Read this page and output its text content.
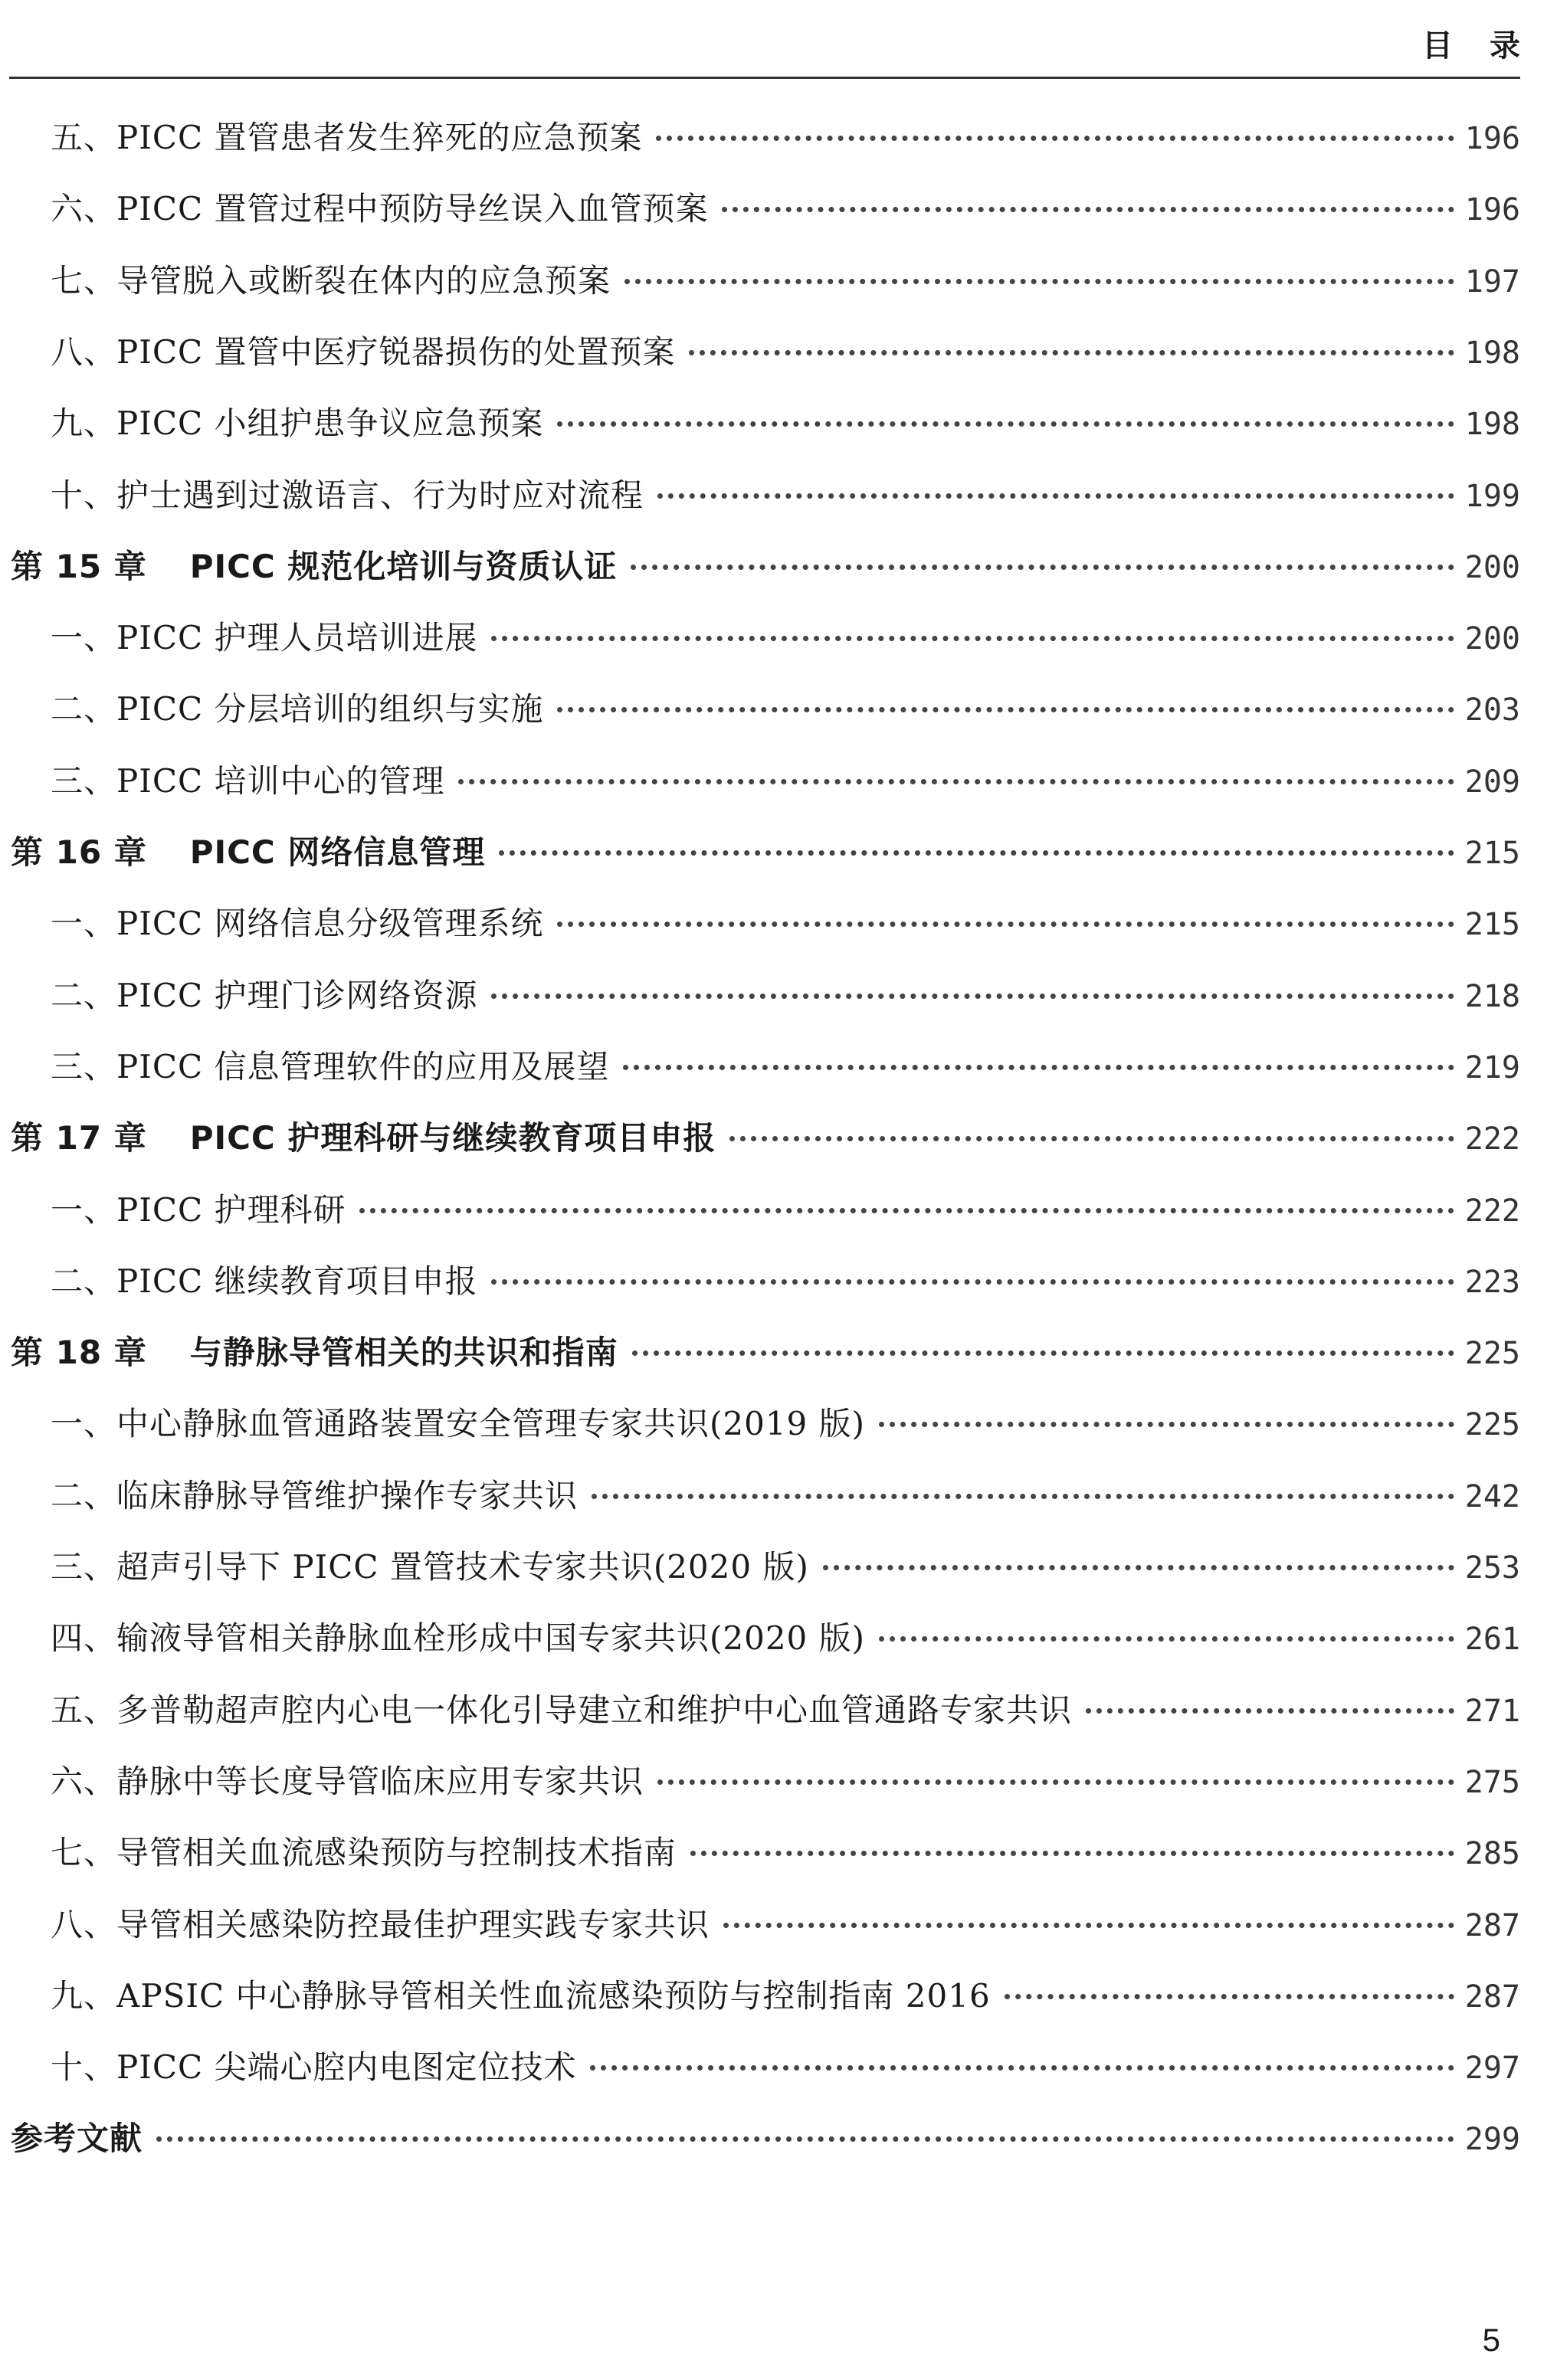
目录
五、PICC 置管患者发生猝死的应急预案	196
六、PICC 置管过程中预防导丝误入血管预案	196
七、导管脱入或断裂在体内的应急预案	197
八、PICC 置管中医疗锐器损伤的处置预案	198
九、PICC 小组护患争议应急预案	198
十、护士遇到过激语言、行为时应对流程	199
第 15 章 PICC 规范化培训与资质认证	200
一、PICC 护理人员培训进展	200
二、PICC 分层培训的组织与实施	203
三、PICC 培训中心的管理	209
第 16 章 PICC 网络信息管理	215
一、PICC 网络信息分级管理系统	215
二、PICC 护理门诊网络资源	218
三、PICC 信息管理软件的应用及展望	219
第 17 章 PICC 护理科研与继续教育项目申报	222
一、PICC 护理科研	222
二、PICC 继续教育项目申报	223
第 18 章 与静脉导管相关的共识和指南	225
一、中心静脉血管通路装置安全管理专家共识(2019 版)	225
二、临床静脉导管维护操作专家共识	242
三、超声引导下 PICC 置管技术专家共识(2020 版)	253
四、输液导管相关静脉血栓形成中国专家共识(2020 版)	261
五、多普勒超声腔内心电一体化引导建立和维护中心血管通路专家共识	271
六、静脉中等长度导管临床应用专家共识	275
七、导管相关血流感染预防与控制技术指南	285
八、导管相关感染防控最佳护理实践专家共识	287
九、APSIC 中心静脉导管相关性血流感染预防与控制指南 2016	287
十、PICC 尖端心腔内电图定位技术	297
参考文献	299
5
